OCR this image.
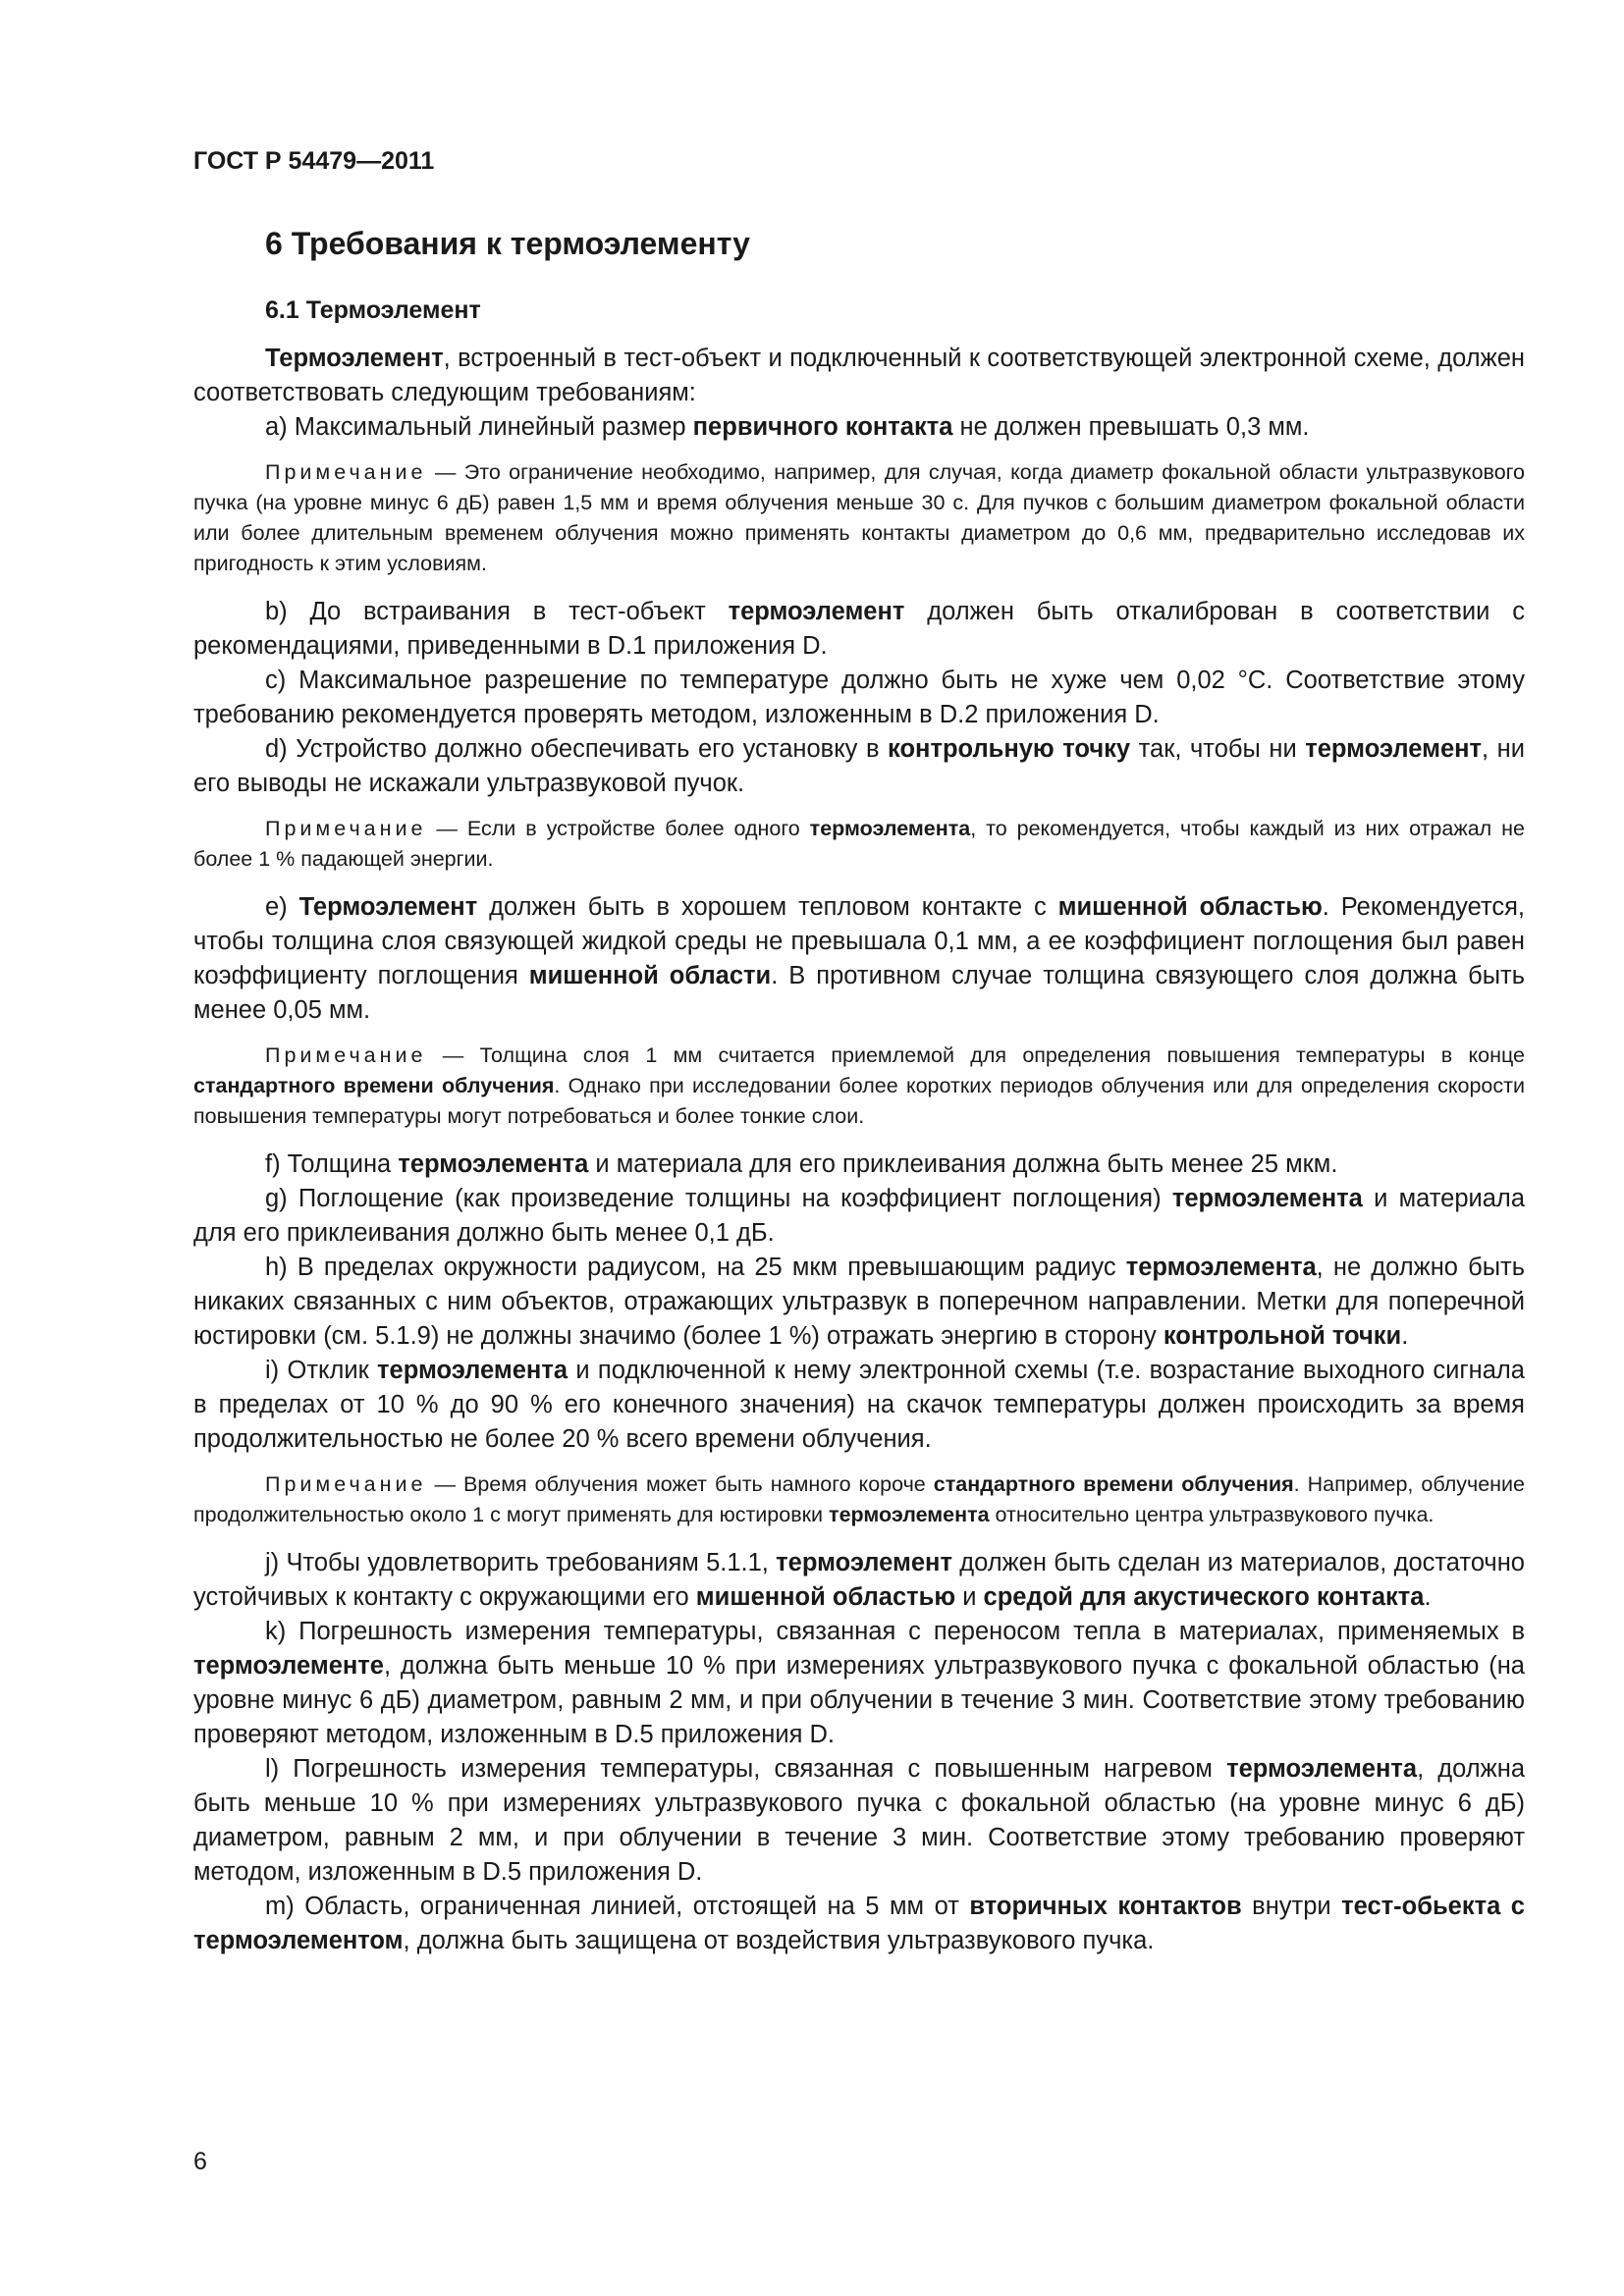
ГОСТ Р 54479—2011
6 Требования к термоэлементу
6.1 Термоэлемент

Термоэлемент, встроенный в тест-объект и подключенный к соответствующей электронной схеме, должен соответствовать следующим требованиям:

a) Максимальный линейный размер первичного контакта не должен превышать 0,3 мм.

Примечание — Это ограничение необходимо, например, для случая, когда диаметр фокальной области ультразвукового пучка (на уровне минус 6 дБ) равен 1,5 мм и время облучения меньше 30 с. Для пучков с большим диаметром фокальной области или более длительным временем облучения можно применять контакты диаметром до 0,6 мм, предварительно исследовав их пригодность к этим условиям.

b) До встраивания в тест-объект термоэлемент должен быть откалиброван в соответствии с рекомендациями, приведенными в D.1 приложения D.

c) Максимальное разрешение по температуре должно быть не хуже чем 0,02 °С. Соответствие этому требованию рекомендуется проверять методом, изложенным в D.2 приложения D.

d) Устройство должно обеспечивать его установку в контрольную точку так, чтобы ни термоэлемент, ни его выводы не искажали ультразвуковой пучок.

Примечание — Если в устройстве более одного термоэлемента, то рекомендуется, чтобы каждый из них отражал не более 1 % падающей энергии.

e) Термоэлемент должен быть в хорошем тепловом контакте с мишенной областью. Рекомендуется, чтобы толщина слоя связующей жидкой среды не превышала 0,1 мм, а ее коэффициент поглощения был равен коэффициенту поглощения мишенной области. В противном случае толщина связующего слоя должна быть менее 0,05 мм.

Примечание — Толщина слоя 1 мм считается приемлемой для определения повышения температуры в конце стандартного времени облучения. Однако при исследовании более коротких периодов облучения или для определения скорости повышения температуры могут потребоваться и более тонкие слои.

f) Толщина термоэлемента и материала для его приклеивания должна быть менее 25 мкм.

g) Поглощение (как произведение толщины на коэффициент поглощения) термоэлемента и материала для его приклеивания должно быть менее 0,1 дБ.

h) В пределах окружности радиусом, на 25 мкм превышающим радиус термоэлемента, не должно быть никаких связанных с ним объектов, отражающих ультразвук в поперечном направлении. Метки для поперечной юстировки (см. 5.1.9) не должны значимо (более 1 %) отражать энергию в сторону контрольной точки.

i) Отклик термоэлемента и подключенной к нему электронной схемы (т.е. возрастание выходного сигнала в пределах от 10 % до 90 % его конечного значения) на скачок температуры должен происходить за время продолжительностью не более 20 % всего времени облучения.

Примечание — Время облучения может быть намного короче стандартного времени облучения. Например, облучение продолжительностью около 1 с могут применять для юстировки термоэлемента относительно центра ультразвукового пучка.

j) Чтобы удовлетворить требованиям 5.1.1, термоэлемент должен быть сделан из материалов, достаточно устойчивых к контакту с окружающими его мишенной областью и средой для акустического контакта.

k) Погрешность измерения температуры, связанная с переносом тепла в материалах, применяемых в термоэлементе, должна быть меньше 10 % при измерениях ультразвукового пучка с фокальной областью (на уровне минус 6 дБ) диаметром, равным 2 мм, и при облучении в течение 3 мин. Соответствие этому требованию проверяют методом, изложенным в D.5 приложения D.

l) Погрешность измерения температуры, связанная с повышенным нагревом термоэлемента, должна быть меньше 10 % при измерениях ультразвукового пучка с фокальной областью (на уровне минус 6 дБ) диаметром, равным 2 мм, и при облучении в течение 3 мин. Соответствие этому требованию проверяют методом, изложенным в D.5 приложения D.

m) Область, ограниченная линией, отстоящей на 5 мм от вторичных контактов внутри тест-обьекта с термоэлементом, должна быть защищена от воздействия ультразвукового пучка.

6
